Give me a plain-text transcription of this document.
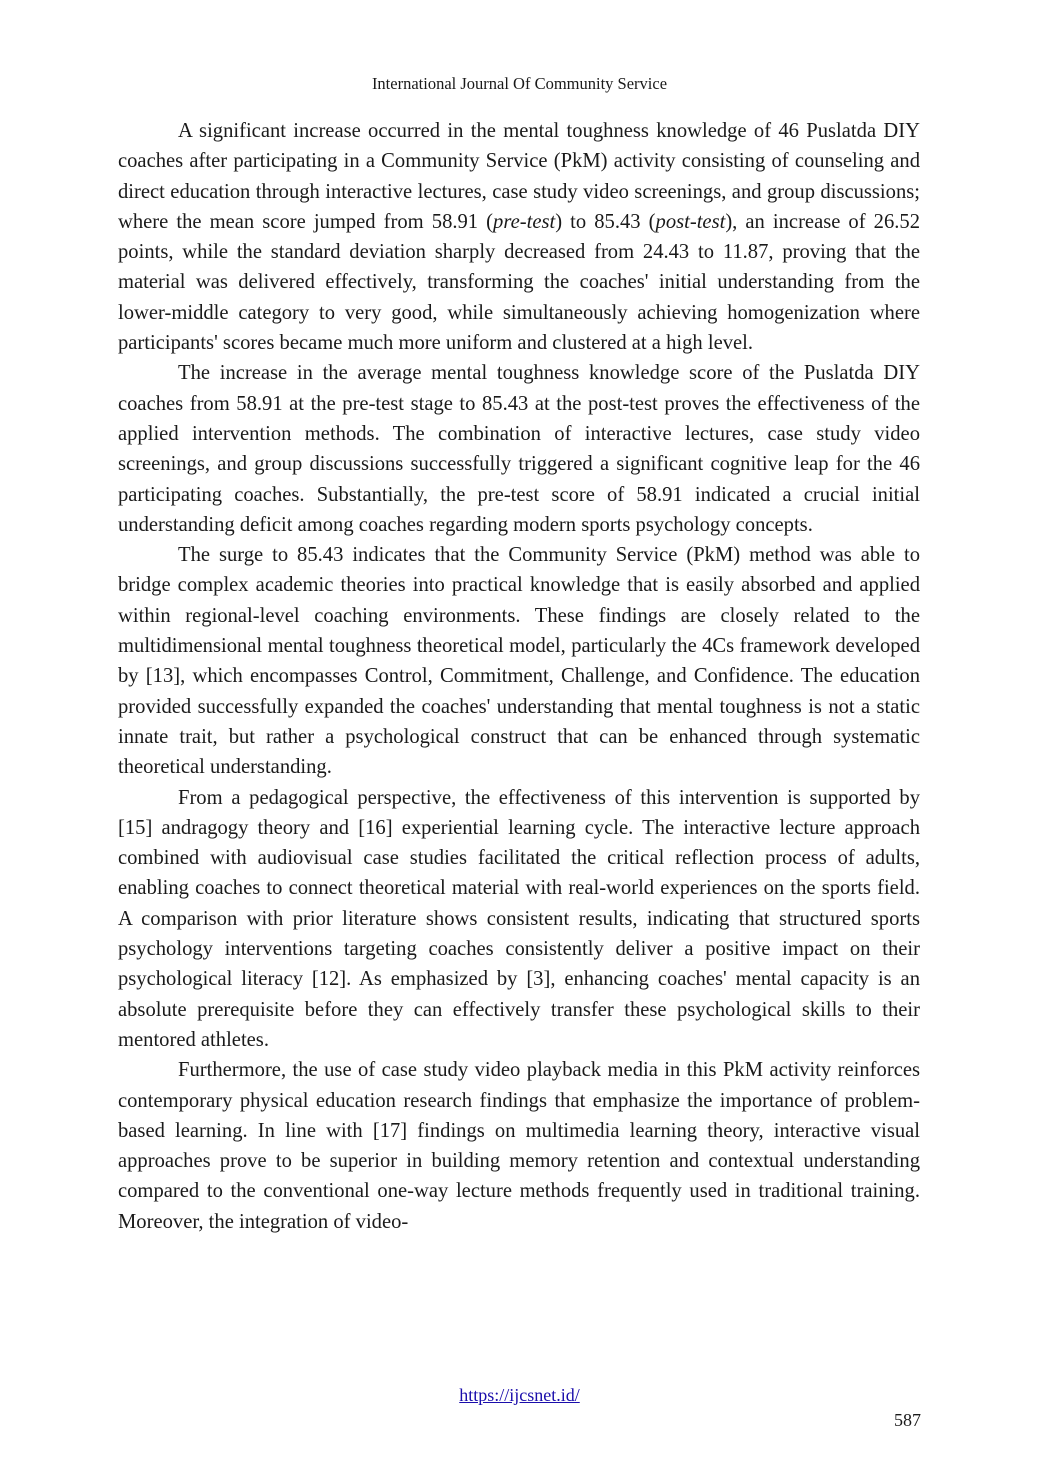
International Journal Of Community Service

A significant increase occurred in the mental toughness knowledge of 46 Puslatda DIY coaches after participating in a Community Service (PkM) activity consisting of counseling and direct education through interactive lectures, case study video screenings, and group discussions; where the mean score jumped from 58.91 (pre-test) to 85.43 (post-test), an increase of 26.52 points, while the standard deviation sharply decreased from 24.43 to 11.87, proving that the material was delivered effectively, transforming the coaches' initial understanding from the lower-middle category to very good, while simultaneously achieving homogenization where participants' scores became much more uniform and clustered at a high level.

The increase in the average mental toughness knowledge score of the Puslatda DIY coaches from 58.91 at the pre-test stage to 85.43 at the post-test proves the effectiveness of the applied intervention methods. The combination of interactive lectures, case study video screenings, and group discussions successfully triggered a significant cognitive leap for the 46 participating coaches. Substantially, the pre-test score of 58.91 indicated a crucial initial understanding deficit among coaches regarding modern sports psychology concepts.

The surge to 85.43 indicates that the Community Service (PkM) method was able to bridge complex academic theories into practical knowledge that is easily absorbed and applied within regional-level coaching environments. These findings are closely related to the multidimensional mental toughness theoretical model, particularly the 4Cs framework developed by [13], which encompasses Control, Commitment, Challenge, and Confidence. The education provided successfully expanded the coaches' understanding that mental toughness is not a static innate trait, but rather a psychological construct that can be enhanced through systematic theoretical understanding.

From a pedagogical perspective, the effectiveness of this intervention is supported by [15] andragogy theory and [16] experiential learning cycle. The interactive lecture approach combined with audiovisual case studies facilitated the critical reflection process of adults, enabling coaches to connect theoretical material with real-world experiences on the sports field. A comparison with prior literature shows consistent results, indicating that structured sports psychology interventions targeting coaches consistently deliver a positive impact on their psychological literacy [12]. As emphasized by [3], enhancing coaches' mental capacity is an absolute prerequisite before they can effectively transfer these psychological skills to their mentored athletes.

Furthermore, the use of case study video playback media in this PkM activity reinforces contemporary physical education research findings that emphasize the importance of problem-based learning. In line with [17] findings on multimedia learning theory, interactive visual approaches prove to be superior in building memory retention and contextual understanding compared to the conventional one-way lecture methods frequently used in traditional training. Moreover, the integration of video-

https://ijcsnet.id/
587
